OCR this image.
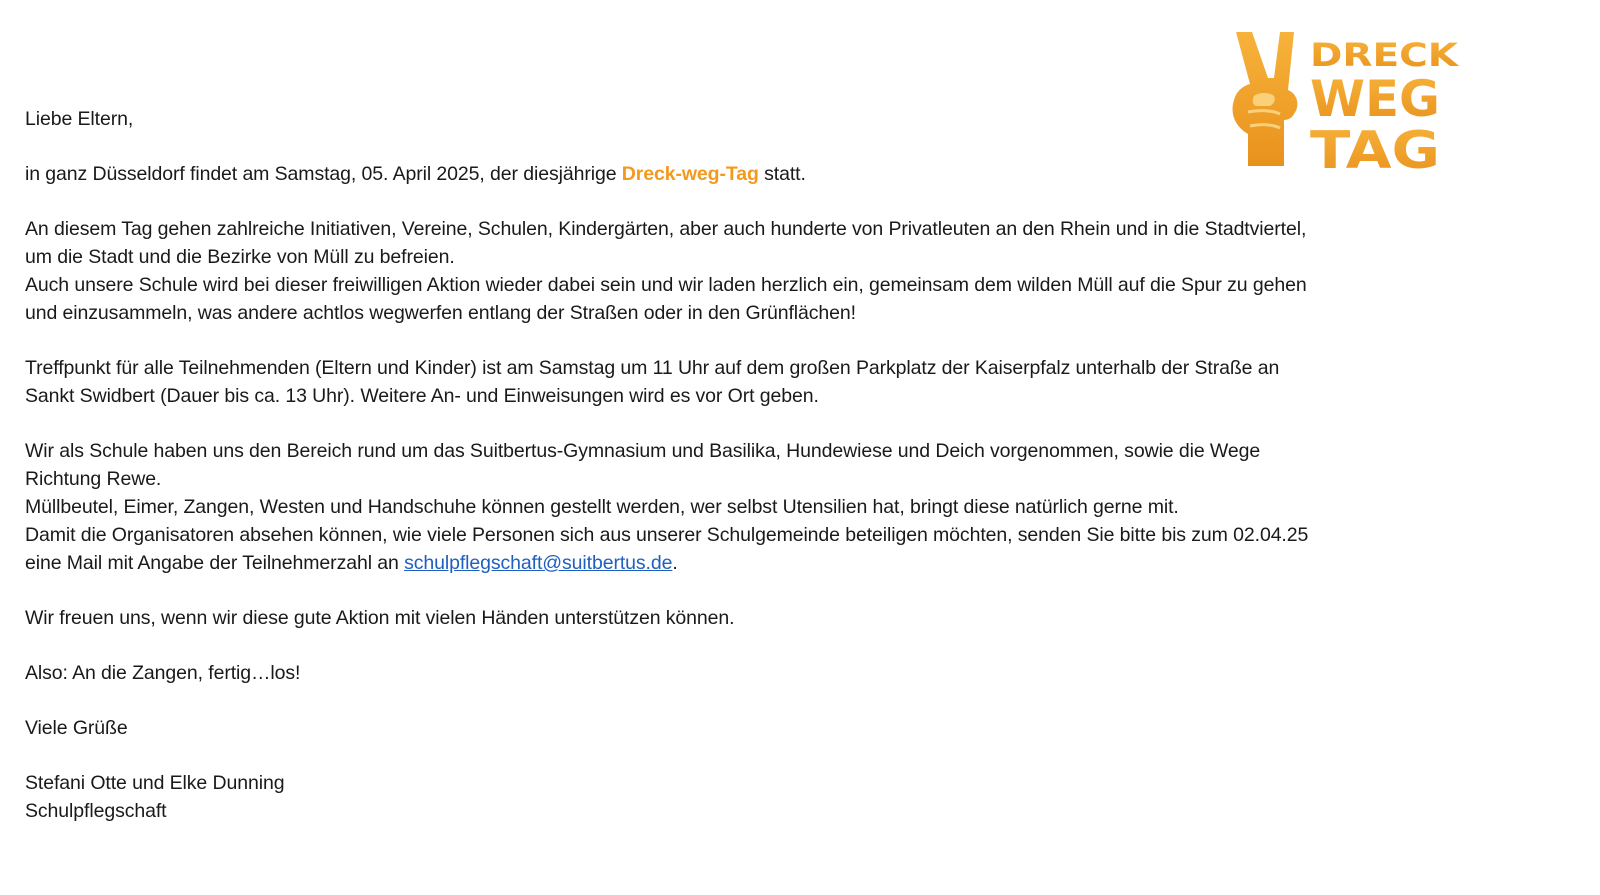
DRECK
WEG
TAG
Liebe Eltern,
in ganz Düsseldorf findet am Samstag, 05. April 2025, der diesjährige Dreck-weg-Tag statt.
An diesem Tag gehen zahlreiche Initiativen, Vereine, Schulen, Kindergärten, aber auch hunderte von Privatleuten an den Rhein und in die Stadtviertel,
um die Stadt und die Bezirke von Müll zu befreien.
Auch unsere Schule wird bei dieser freiwilligen Aktion wieder dabei sein und wir laden herzlich ein, gemeinsam dem wilden Müll auf die Spur zu gehen
und einzusammeln, was andere achtlos wegwerfen entlang der Straßen oder in den Grünflächen!
Treffpunkt für alle Teilnehmenden (Eltern und Kinder) ist am Samstag um 11 Uhr auf dem großen Parkplatz der Kaiserpfalz unterhalb der Straße an
Sankt Swidbert (Dauer bis ca. 13 Uhr). Weitere An- und Einweisungen wird es vor Ort geben.
Wir als Schule haben uns den Bereich rund um das Suitbertus-Gymnasium und Basilika, Hundewiese und Deich vorgenommen, sowie die Wege
Richtung Rewe.
Müllbeutel, Eimer, Zangen, Westen und Handschuhe können gestellt werden, wer selbst Utensilien hat, bringt diese natürlich gerne mit.
Damit die Organisatoren absehen können, wie viele Personen sich aus unserer Schulgemeinde beteiligen möchten, senden Sie bitte bis zum 02.04.25
eine Mail mit Angabe der Teilnehmerzahl an schulpflegschaft@suitbertus.de.
Wir freuen uns, wenn wir diese gute Aktion mit vielen Händen unterstützen können.
Also: An die Zangen, fertig…los!
Viele Grüße
Stefani Otte und Elke Dunning
Schulpflegschaft
